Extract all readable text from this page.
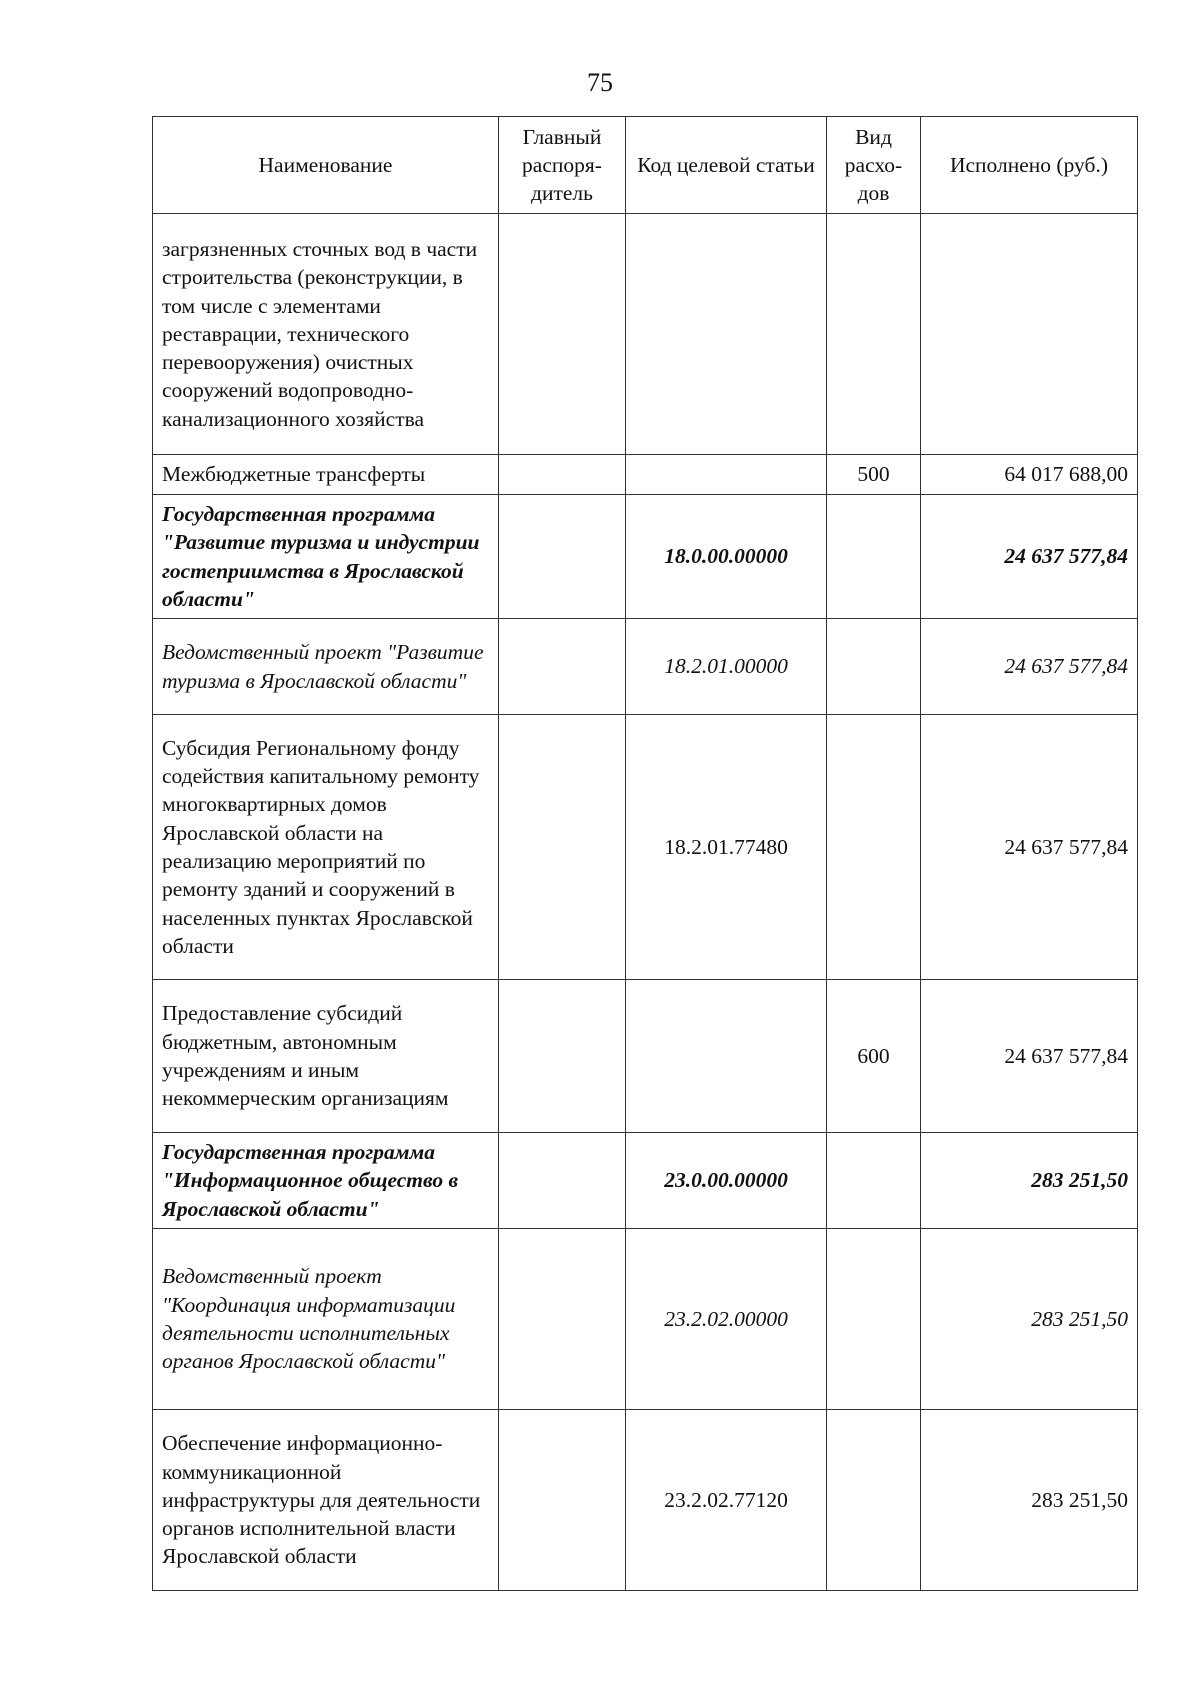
75
Наименование	Главный распоря-дитель	Код целевой статьи	Вид расхо-дов	Исполнено (руб.)
загрязненных сточных вод в части строительства (реконструкции, в том числе с элементами реставрации, технического перевооружения) очистных сооружений водопроводно-канализационного хозяйства				
Межбюджетные трансферты			500	64 017 688,00
Государственная программа "Развитие туризма и индустрии гостеприимства в Ярославской области"		18.0.00.00000		24 637 577,84
Ведомственный проект "Развитие туризма в Ярославской области"		18.2.01.00000		24 637 577,84
Субсидия Региональному фонду содействия капитальному ремонту многоквартирных домов Ярославской области на реализацию мероприятий по ремонту зданий и сооружений в населенных пунктах Ярославской области		18.2.01.77480		24 637 577,84
Предоставление субсидий бюджетным, автономным учреждениям и иным некоммерческим организациям			600	24 637 577,84
Государственная программа "Информационное общество в Ярославской области"		23.0.00.00000		283 251,50
Ведомственный проект "Координация информатизации деятельности исполнительных органов Ярославской области"		23.2.02.00000		283 251,50
Обеспечение информационно-коммуникационной инфраструктуры для деятельности органов исполнительной власти Ярославской области		23.2.02.77120		283 251,50
